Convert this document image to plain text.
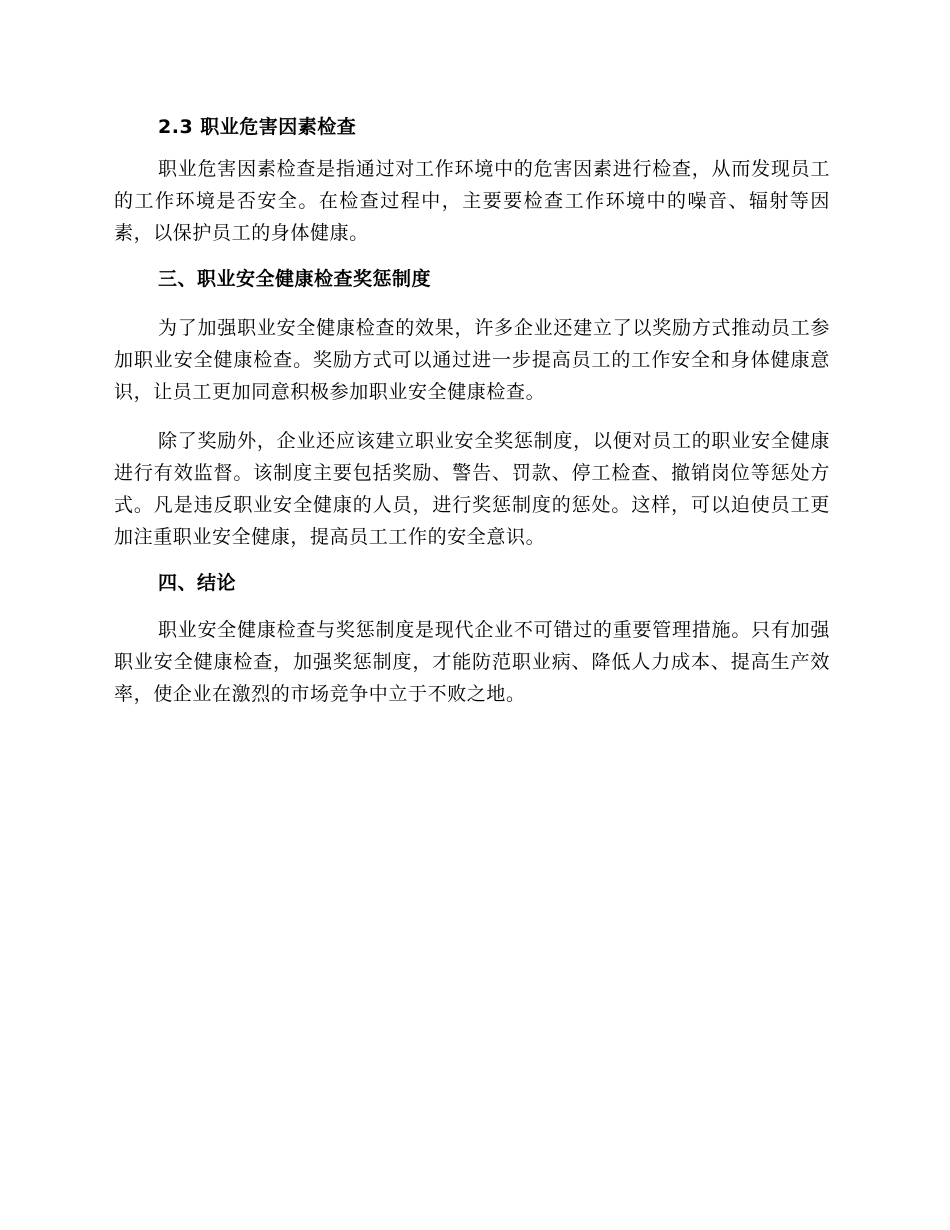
2.3 职业危害因素检查

职业危害因素检查是指通过对工作环境中的危害因素进行检查，从而发现员工的工作环境是否安全。在检查过程中，主要要检查工作环境中的噪音、辐射等因素，以保护员工的身体健康。

三、职业安全健康检查奖惩制度

为了加强职业安全健康检查的效果，许多企业还建立了以奖励方式推动员工参加职业安全健康检查。奖励方式可以通过进一步提高员工的工作安全和身体健康意识，让员工更加同意积极参加职业安全健康检查。

除了奖励外，企业还应该建立职业安全奖惩制度，以便对员工的职业安全健康进行有效监督。该制度主要包括奖励、警告、罚款、停工检查、撤销岗位等惩处方式。凡是违反职业安全健康的人员，进行奖惩制度的惩处。这样，可以迫使员工更加注重职业安全健康，提高员工工作的安全意识。

四、结论

职业安全健康检查与奖惩制度是现代企业不可错过的重要管理措施。只有加强职业安全健康检查，加强奖惩制度，才能防范职业病、降低人力成本、提高生产效率，使企业在激烈的市场竞争中立于不败之地。
